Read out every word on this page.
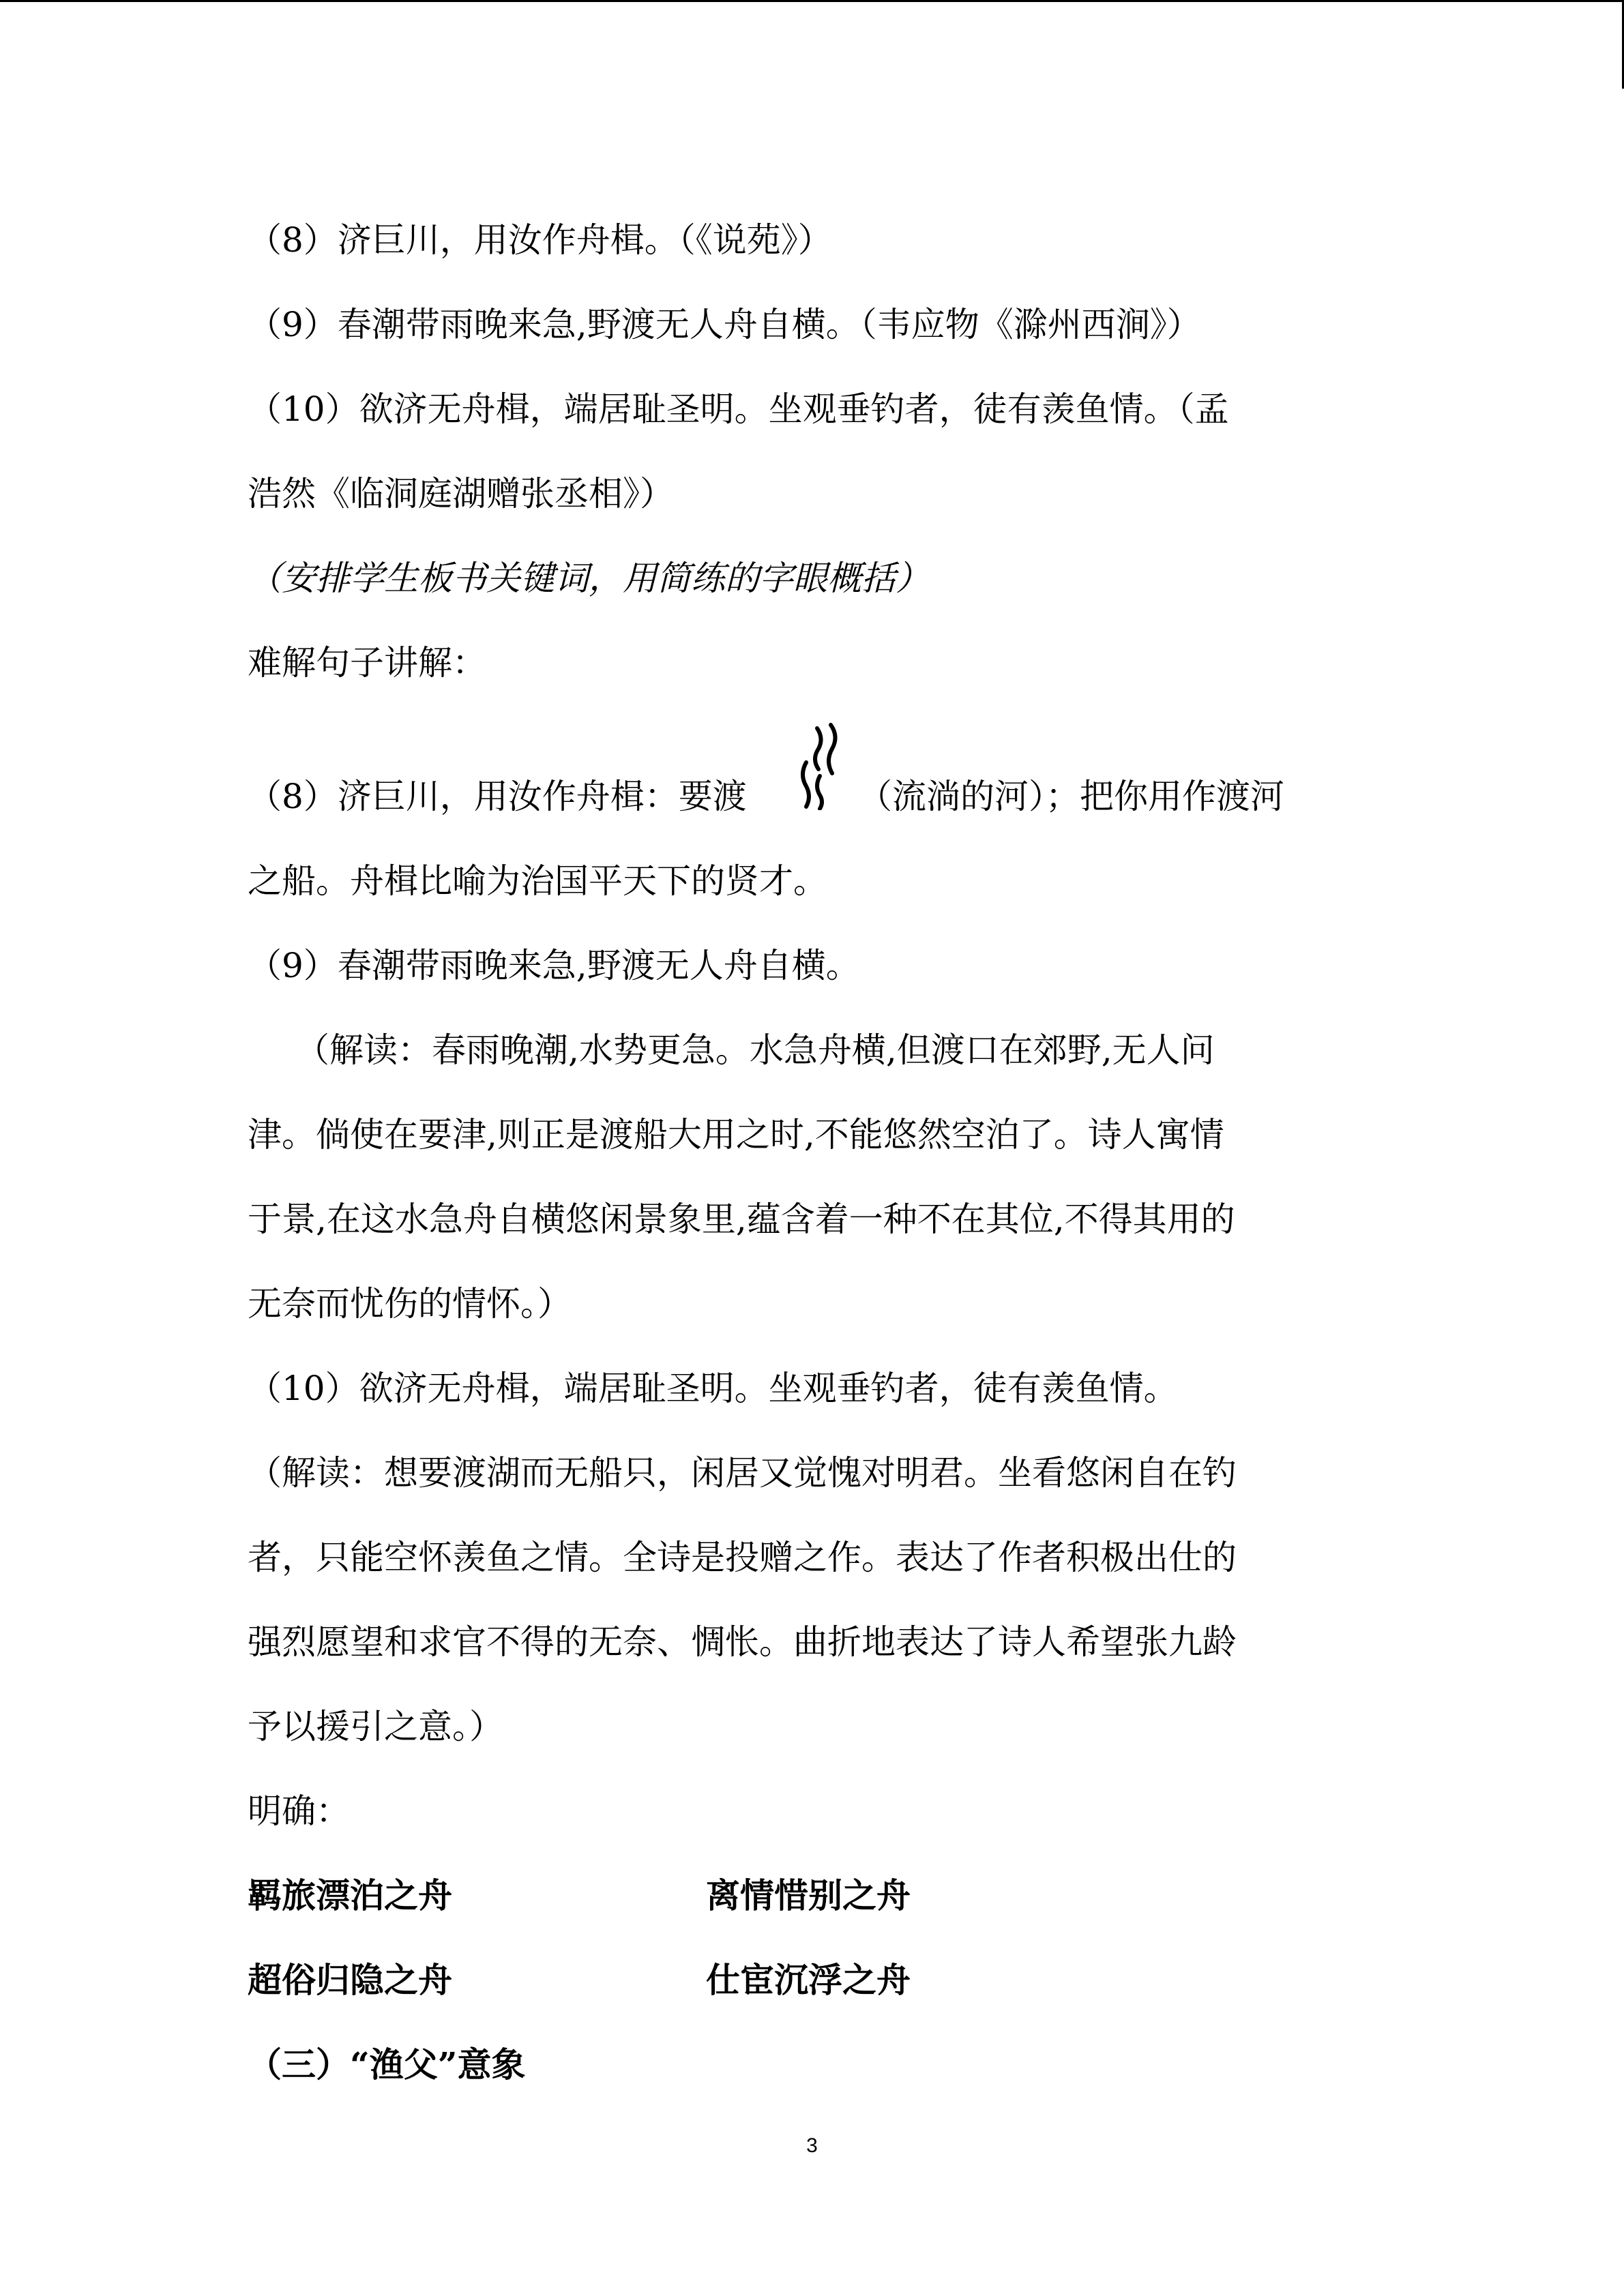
（8）济巨川，用汝作舟楫。（《说苑》）
（9）春潮带雨晚来急,野渡无人舟自横。（韦应物《滁州西涧》）
（10）欲济无舟楫，端居耻圣明。坐观垂钓者，徒有羡鱼情。（孟
浩然《临洞庭湖赠张丞相》）
（安排学生板书关键词，用简练的字眼概括）
难解句子讲解：
（8）济巨川，用汝作舟楫：要渡	（流淌的河）；把你用作渡河
之船。舟楫比喻为治国平天下的贤才。
（9）春潮带雨晚来急,野渡无人舟自横。
（解读：春雨晚潮,水势更急。水急舟横,但渡口在郊野,无人问
津。倘使在要津,则正是渡船大用之时,不能悠然空泊了。诗人寓情
于景,在这水急舟自横悠闲景象里,蕴含着一种不在其位,不得其用的
无奈而忧伤的情怀。）
（10）欲济无舟楫，端居耻圣明。坐观垂钓者，徒有羡鱼情。
（解读：想要渡湖而无船只，闲居又觉愧对明君。坐看悠闲自在钓
者，只能空怀羡鱼之情。全诗是投赠之作。表达了作者积极出仕的
强烈愿望和求官不得的无奈、惆怅。曲折地表达了诗人希望张九龄
予以援引之意。）
明确：
羁旅漂泊之舟	离情惜别之舟
超俗归隐之舟	仕宦沉浮之舟
（三）“渔父”意象
3
